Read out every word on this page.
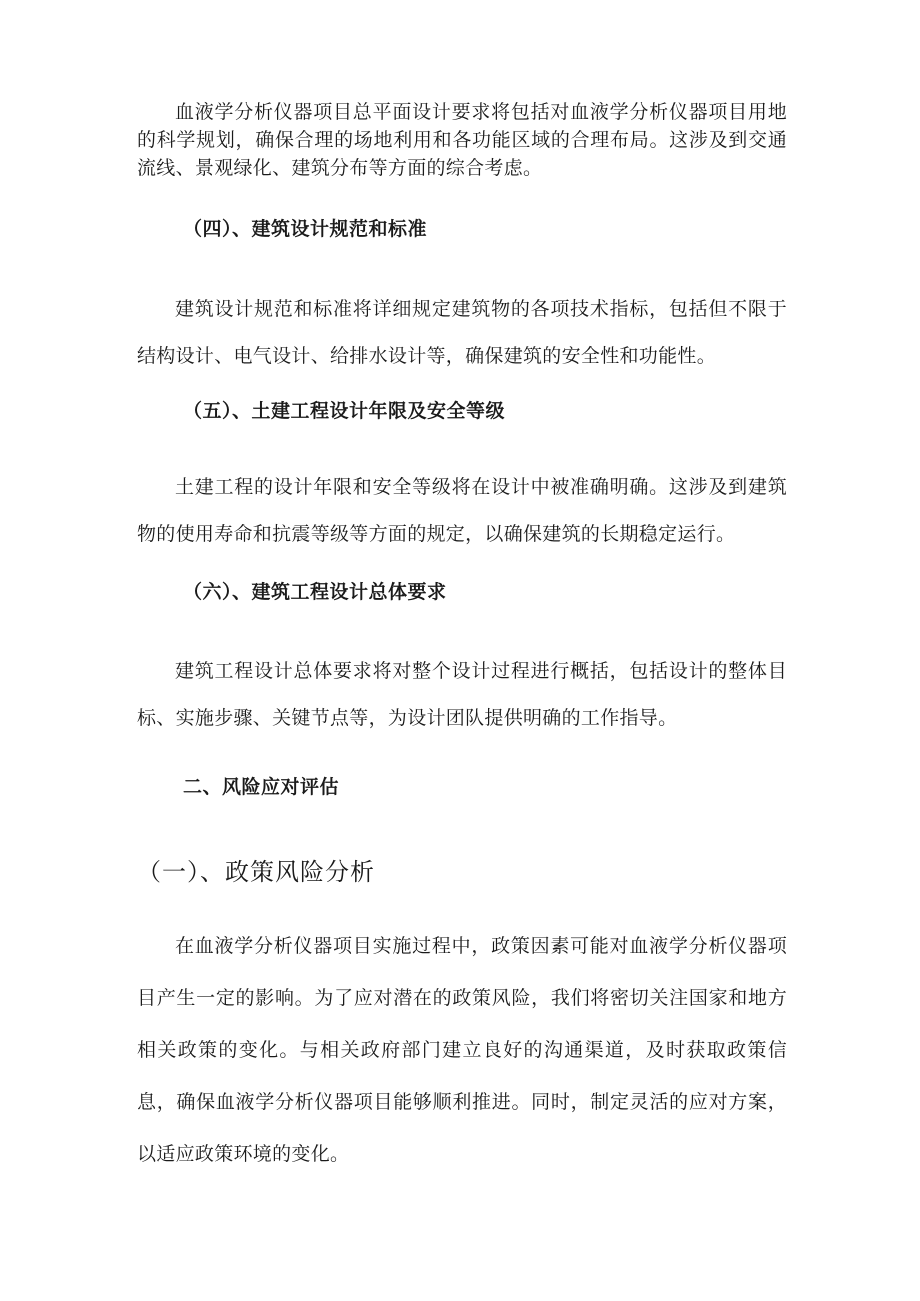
血液学分析仪器项目总平面设计要求将包括对血液学分析仪器项目用地的科学规划，确保合理的场地利用和各功能区域的合理布局。这涉及到交通流线、景观绿化、建筑分布等方面的综合考虑。

（四）、建筑设计规范和标准

建筑设计规范和标准将详细规定建筑物的各项技术指标，包括但不限于结构设计、电气设计、给排水设计等，确保建筑的安全性和功能性。

（五）、土建工程设计年限及安全等级

土建工程的设计年限和安全等级将在设计中被准确明确。这涉及到建筑物的使用寿命和抗震等级等方面的规定，以确保建筑的长期稳定运行。

（六）、建筑工程设计总体要求

建筑工程设计总体要求将对整个设计过程进行概括，包括设计的整体目标、实施步骤、关键节点等，为设计团队提供明确的工作指导。

二、风险应对评估
（一）、政策风险分析

在血液学分析仪器项目实施过程中，政策因素可能对血液学分析仪器项目产生一定的影响。为了应对潜在的政策风险，我们将密切关注国家和地方相关政策的变化。与相关政府部门建立良好的沟通渠道，及时获取政策信息，确保血液学分析仪器项目能够顺利推进。同时，制定灵活的应对方案，以适应政策环境的变化。
